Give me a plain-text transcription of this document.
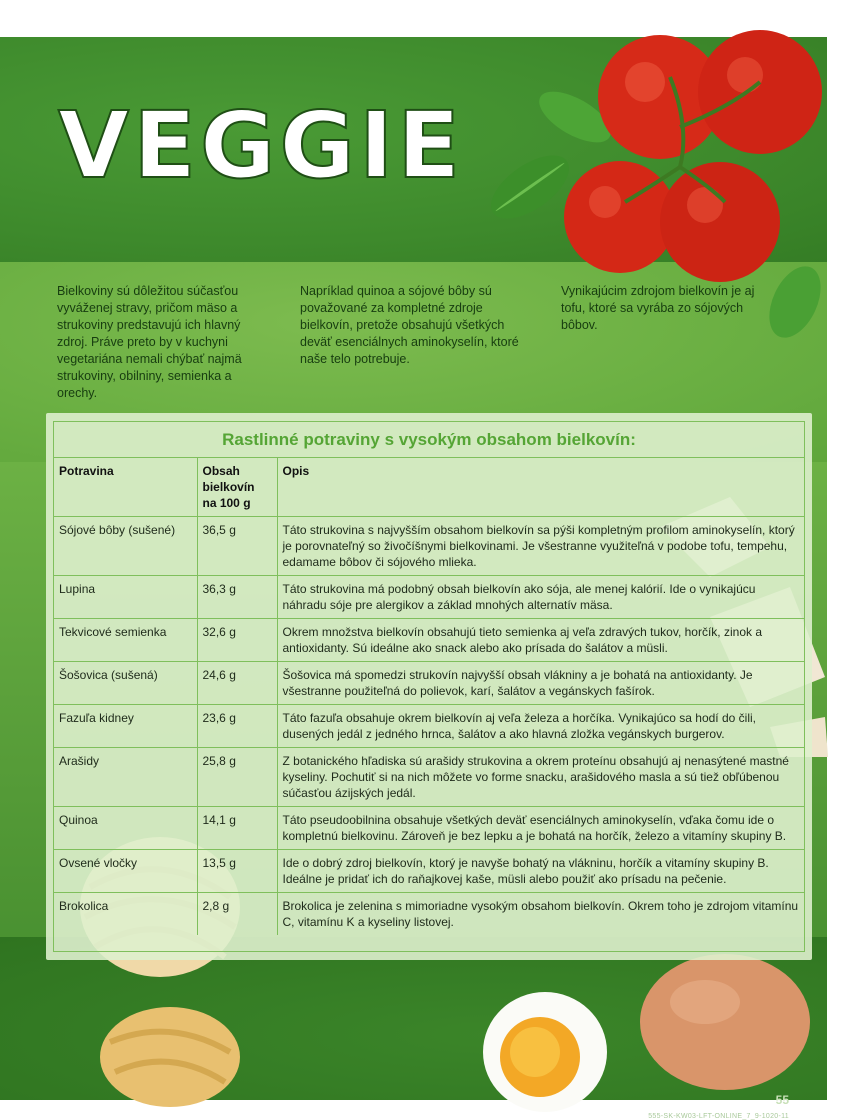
55
555-SK-KW03-LFT-ONLINE_7_9-1020-11
VEGGIE

Bielkoviny sú dôležitou súčasťou vyváženej stravy, pričom mäso a strukoviny predstavujú ich hlavný zdroj. Práve preto by v kuchyni vegetariána nemali chýbať najmä strukoviny, obilniny, semienka a orechy.

Napríklad quinoa a sójové bôby sú považované za kompletné zdroje bielkovín, pretože obsahujú všetkých deväť esenciálnych aminokyselín, ktoré naše telo potrebuje.

Vynikajúcim zdrojom bielkovín je aj tofu, ktoré sa vyrába zo sójových bôbov.

Rastlinné potraviny s vysokým obsahom bielkovín:
Potravina	Obsah bielkovín na 100 g	Opis
Sójové bôby (sušené)	36,5 g	Táto strukovina s najvyšším obsahom bielkovín sa pýši kompletným profilom aminokyselín, ktorý je porovnateľný so živočíšnymi bielkovinami. Je všestranne využiteľná v podobe tofu, tempehu, edamame bôbov či sójového mlieka.
Lupina	36,3 g	Táto strukovina má podobný obsah bielkovín ako sója, ale menej kalórií. Ide o vynikajúcu náhradu sóje pre alergikov a základ mnohých alternatív mäsa.
Tekvicové semienka	32,6 g	Okrem množstva bielkovín obsahujú tieto semienka aj veľa zdravých tukov, horčík, zinok a antioxidanty. Sú ideálne ako snack alebo ako prísada do šalátov a müsli.
Šošovica (sušená)	24,6 g	Šošovica má spomedzi strukovín najvyšší obsah vlákniny a je bohatá na antioxidanty. Je všestranne použiteľná do polievok, karí, šalátov a vegánskych fašírok.
Fazuľa kidney	23,6 g	Táto fazuľa obsahuje okrem bielkovín aj veľa železa a horčíka. Vynikajúco sa hodí do čili, dusených jedál z jedného hrnca, šalátov a ako hlavná zložka vegánskych burgerov.
Arašidy	25,8 g	Z botanického hľadiska sú arašidy strukovina a okrem proteínu obsahujú aj nenasýtené mastné kyseliny. Pochutiť si na nich môžete vo forme snacku, arašidového masla a sú tiež obľúbenou súčasťou ázijských jedál.
Quinoa	14,1 g	Táto pseudoobilnina obsahuje všetkých deväť esenciálnych aminokyselín, vďaka čomu ide o kompletnú bielkovinu. Zároveň je bez lepku a je bohatá na horčík, železo a vitamíny skupiny B.
Ovsené vločky	13,5 g	Ide o dobrý zdroj bielkovín, ktorý je navyše bohatý na vlákninu, horčík a vitamíny skupiny B. Ideálne je pridať ich do raňajkovej kaše, müsli alebo použiť ako prísadu na pečenie.
Brokolica	2,8 g	Brokolica je zelenina s mimoriadne vysokým obsahom bielkovín. Okrem toho je zdrojom vitamínu C, vitamínu K a kyseliny listovej.
